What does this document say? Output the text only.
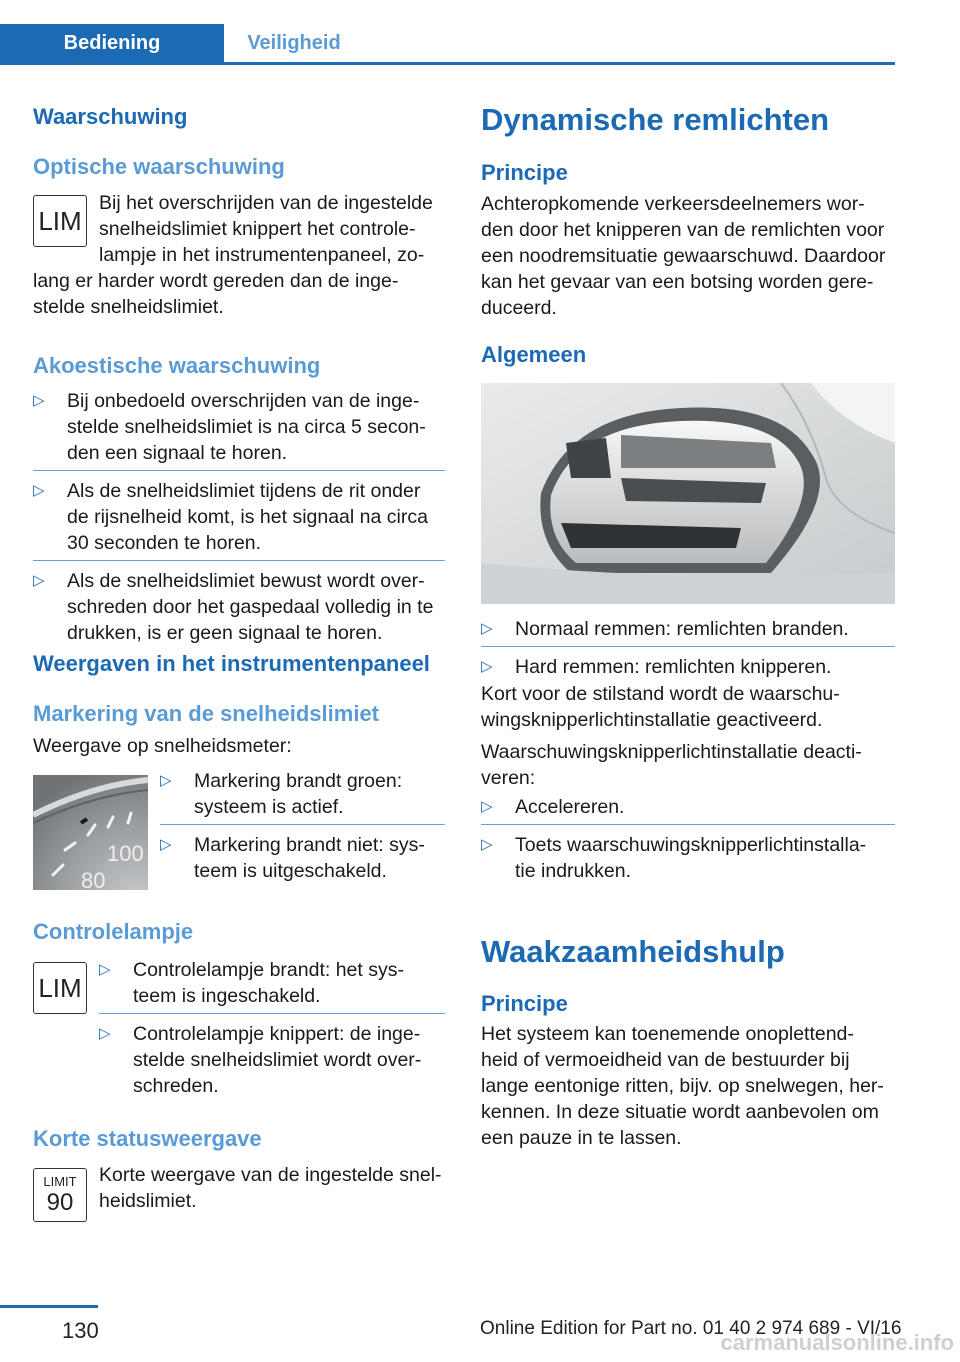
Bediening	Veiligheid
Waarschuwing
Optische waarschuwing
LIM
Bij het overschrijden van de ingestelde
snelheidslimiet knippert het controle-
lampje in het instrumentenpaneel, zo-
lang er harder wordt gereden dan de inge-
stelde snelheidslimiet.
Akoestische waarschuwing
▷ Bij onbedoeld overschrijden van de inge-
stelde snelheidslimiet is na circa 5 secon-
den een signaal te horen.
▷ Als de snelheidslimiet tijdens de rit onder
de rijsnelheid komt, is het signaal na circa
30 seconden te horen.
▷ Als de snelheidslimiet bewust wordt over-
schreden door het gaspedaal volledig in te
drukken, is er geen signaal te horen.
Weergaven in het instrumentenpaneel
Markering van de snelheidslimiet
Weergave op snelheidsmeter:
100
80
▷ Markering brandt groen:
systeem is actief.
▷ Markering brandt niet: sys-
teem is uitgeschakeld.
Controlelampje
LIM
▷ Controlelampje brandt: het sys-
teem is ingeschakeld.
▷ Controlelampje knippert: de inge-
stelde snelheidslimiet wordt over-
schreden.
Korte statusweergave
LIMIT
90
Korte weergave van de ingestelde snel-
heidslimiet.
Dynamische remlichten
Principe
Achteropkomende verkeersdeelnemers wor-
den door het knipperen van de remlichten voor
een noodremsituatie gewaarschuwd. Daardoor
kan het gevaar van een botsing worden gere-
duceerd.
Algemeen
▷ Normaal remmen: remlichten branden.
▷ Hard remmen: remlichten knipperen.
Kort voor de stilstand wordt de waarschu-
wingsknipperlichtinstallatie geactiveerd.
Waarschuwingsknipperlichtinstallatie deacti-
veren:
▷ Accelereren.
▷ Toets waarschuwingsknipperlichtinstalla-
tie indrukken.
Waakzaamheidshulp
Principe
Het systeem kan toenemende onoplettend-
heid of vermoeidheid van de bestuurder bij
lange eentonige ritten, bijv. op snelwegen, her-
kennen. In deze situatie wordt aanbevolen om
een pauze in te lassen.
130	Online Edition for Part no. 01 40 2 974 689 - VI/16
carmanualsonline.info
